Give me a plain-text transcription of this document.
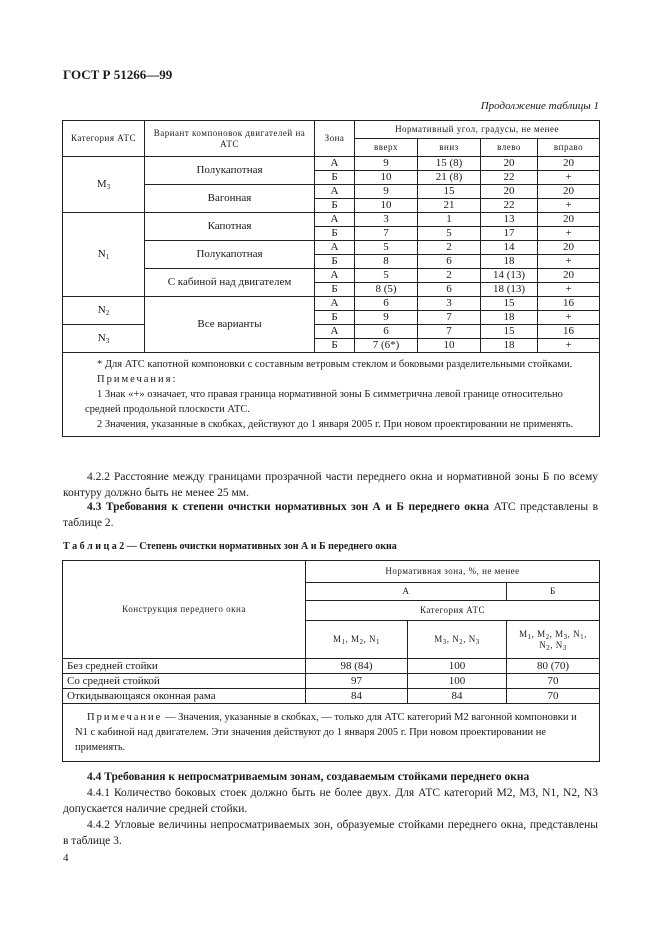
ГОСТ Р 51266—99
Продолжение таблицы 1
Категория АТС	Вариант компоновок двигателей на АТС	Зона	Нормативный угол, градусы, не менее			
			вверх	вниз	влево	вправо
$M_3$	Полукапотная	А	9	15 (8)	20	20
		Б	10	21 (8)	22	+
	Вагонная	А	9	15	20	20
		Б	10	21	22	+
$N_1$	Капотная	А	3	1	13	20
		Б	7	5	17	+
	Полукапотная	А	5	2	14	20
		Б	8	6	18	+
	С кабиной над двигателем	А	5	2	14 (13)	20
		Б	8 (5)	6	18 (13)	+
$N_2$	Все варианты	А	6	3	15	16
		Б	9	7	18	+
$N_3$		А	6	7	15	16
		Б	7 (6*)	10	18	+

* Для АТС капотной компоновки с составным ветровым стеклом и боковыми разделительными стойками.

Примечания:

1 Знак «+» означает, что правая граница нормативной зоны Б симметрична левой границе относительно средней продольной плоскости АТС.

2 Значения, указанные в скобках, действуют до 1 января 2005 г. При новом проектировании не применять.						

4.2.2 Расстояние между границами прозрачной части переднего окна и нормативной зоны Б по всему контуру должно быть не менее 25 мм.

4.3 Требования к степени очистки нормативных зон А и Б переднего окна АТС представлены в таблице 2.

Т а б л и ц а 2 — Степень очистки нормативных зон А и Б переднего окна

Конструкция переднего окна	Нормативная зона, %, не менее		
	А		Б
	Категория АТС		
	$M_1$, $M_2$, $N_1$	$M_3$, $N_2$, $N_3$	$M_1$, $M_2$, $M_3$, $N_1$,
$N_2$, $N_3$
Без средней стойки	98 (84)	100	80 (70)
Со средней стойкой	97	100	70
Откидывающаяся оконная рама	84	84	70

Примечание — Значения, указанные в скобках, — только для АТС категорий M2 вагонной компоновки и N1 с кабиной над двигателем. Эти значения действуют до 1 января 2005 г. При новом проектировании не применять.			

4.4 Требования к непросматриваемым зонам, создаваемым стойками переднего окна

4.4.1 Количество боковых стоек должно быть не более двух. Для АТС категорий M2, M3, N1, N2, N3 допускается наличие средней стойки.

4.4.2 Угловые величины непросматриваемых зон, образуемые стойками переднего окна, представлены в таблице 3.

4
